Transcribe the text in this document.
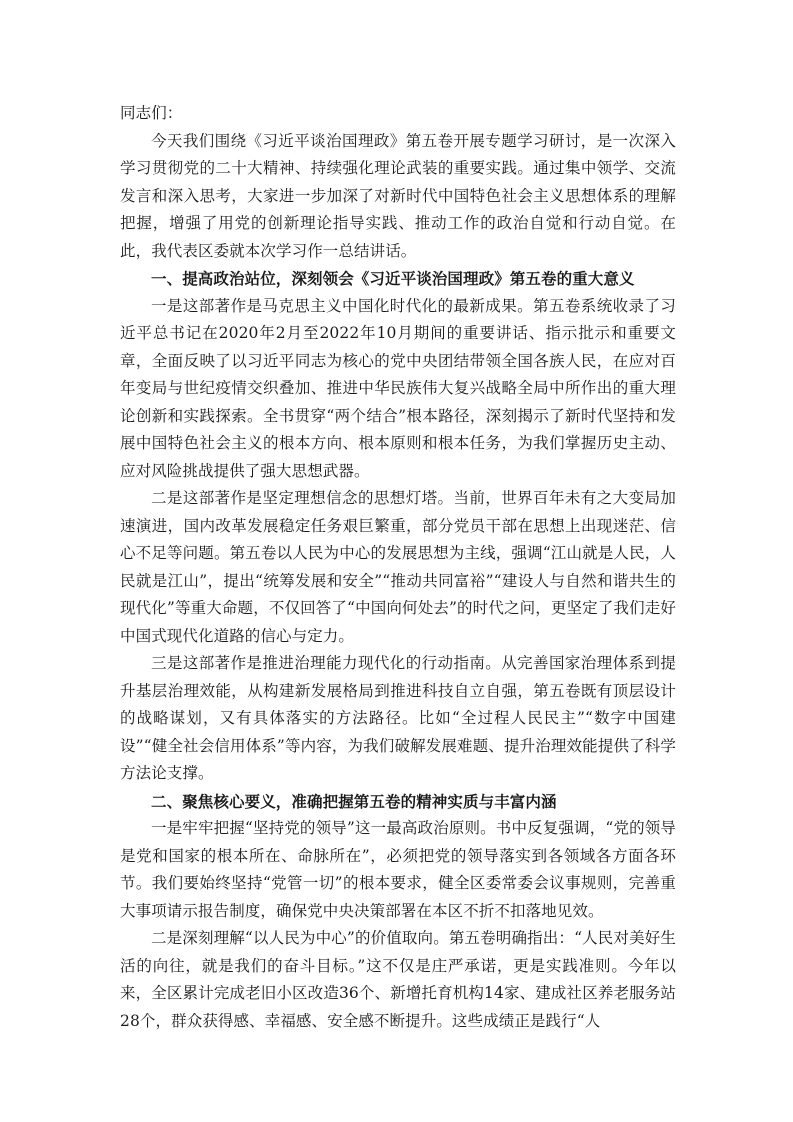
同志们：

今天我们围绕《习近平谈治国理政》第五卷开展专题学习研讨，是一次深入学习贯彻党的二十大精神、持续强化理论武装的重要实践。通过集中领学、交流发言和深入思考，大家进一步加深了对新时代中国特色社会主义思想体系的理解把握，增强了用党的创新理论指导实践、推动工作的政治自觉和行动自觉。在此，我代表区委就本次学习作一总结讲话。

一、提高政治站位，深刻领会《习近平谈治国理政》第五卷的重大意义

一是这部著作是马克思主义中国化时代化的最新成果。第五卷系统收录了习近平总书记在2020年2月至2022年10月期间的重要讲话、指示批示和重要文章，全面反映了以习近平同志为核心的党中央团结带领全国各族人民，在应对百年变局与世纪疫情交织叠加、推进中华民族伟大复兴战略全局中所作出的重大理论创新和实践探索。全书贯穿“两个结合”根本路径，深刻揭示了新时代坚持和发展中国特色社会主义的根本方向、根本原则和根本任务，为我们掌握历史主动、应对风险挑战提供了强大思想武器。

二是这部著作是坚定理想信念的思想灯塔。当前，世界百年未有之大变局加速演进，国内改革发展稳定任务艰巨繁重，部分党员干部在思想上出现迷茫、信心不足等问题。第五卷以人民为中心的发展思想为主线，强调“江山就是人民，人民就是江山”，提出“统筹发展和安全”“推动共同富裕”“建设人与自然和谐共生的现代化”等重大命题，不仅回答了“中国向何处去”的时代之问，更坚定了我们走好中国式现代化道路的信心与定力。

三是这部著作是推进治理能力现代化的行动指南。从完善国家治理体系到提升基层治理效能，从构建新发展格局到推进科技自立自强，第五卷既有顶层设计的战略谋划，又有具体落实的方法路径。比如“全过程人民民主”“数字中国建设”“健全社会信用体系”等内容，为我们破解发展难题、提升治理效能提供了科学方法论支撑。

二、聚焦核心要义，准确把握第五卷的精神实质与丰富内涵

一是牢牢把握“坚持党的领导”这一最高政治原则。书中反复强调，“党的领导是党和国家的根本所在、命脉所在”，必须把党的领导落实到各领域各方面各环节。我们要始终坚持“党管一切”的根本要求，健全区委常委会议事规则，完善重大事项请示报告制度，确保党中央决策部署在本区不折不扣落地见效。

二是深刻理解“以人民为中心”的价值取向。第五卷明确指出：“人民对美好生活的向往，就是我们的奋斗目标。”这不仅是庄严承诺，更是实践准则。今年以来，全区累计完成老旧小区改造36个、新增托育机构14家、建成社区养老服务站28个，群众获得感、幸福感、安全感不断提升。这些成绩正是践行“人
